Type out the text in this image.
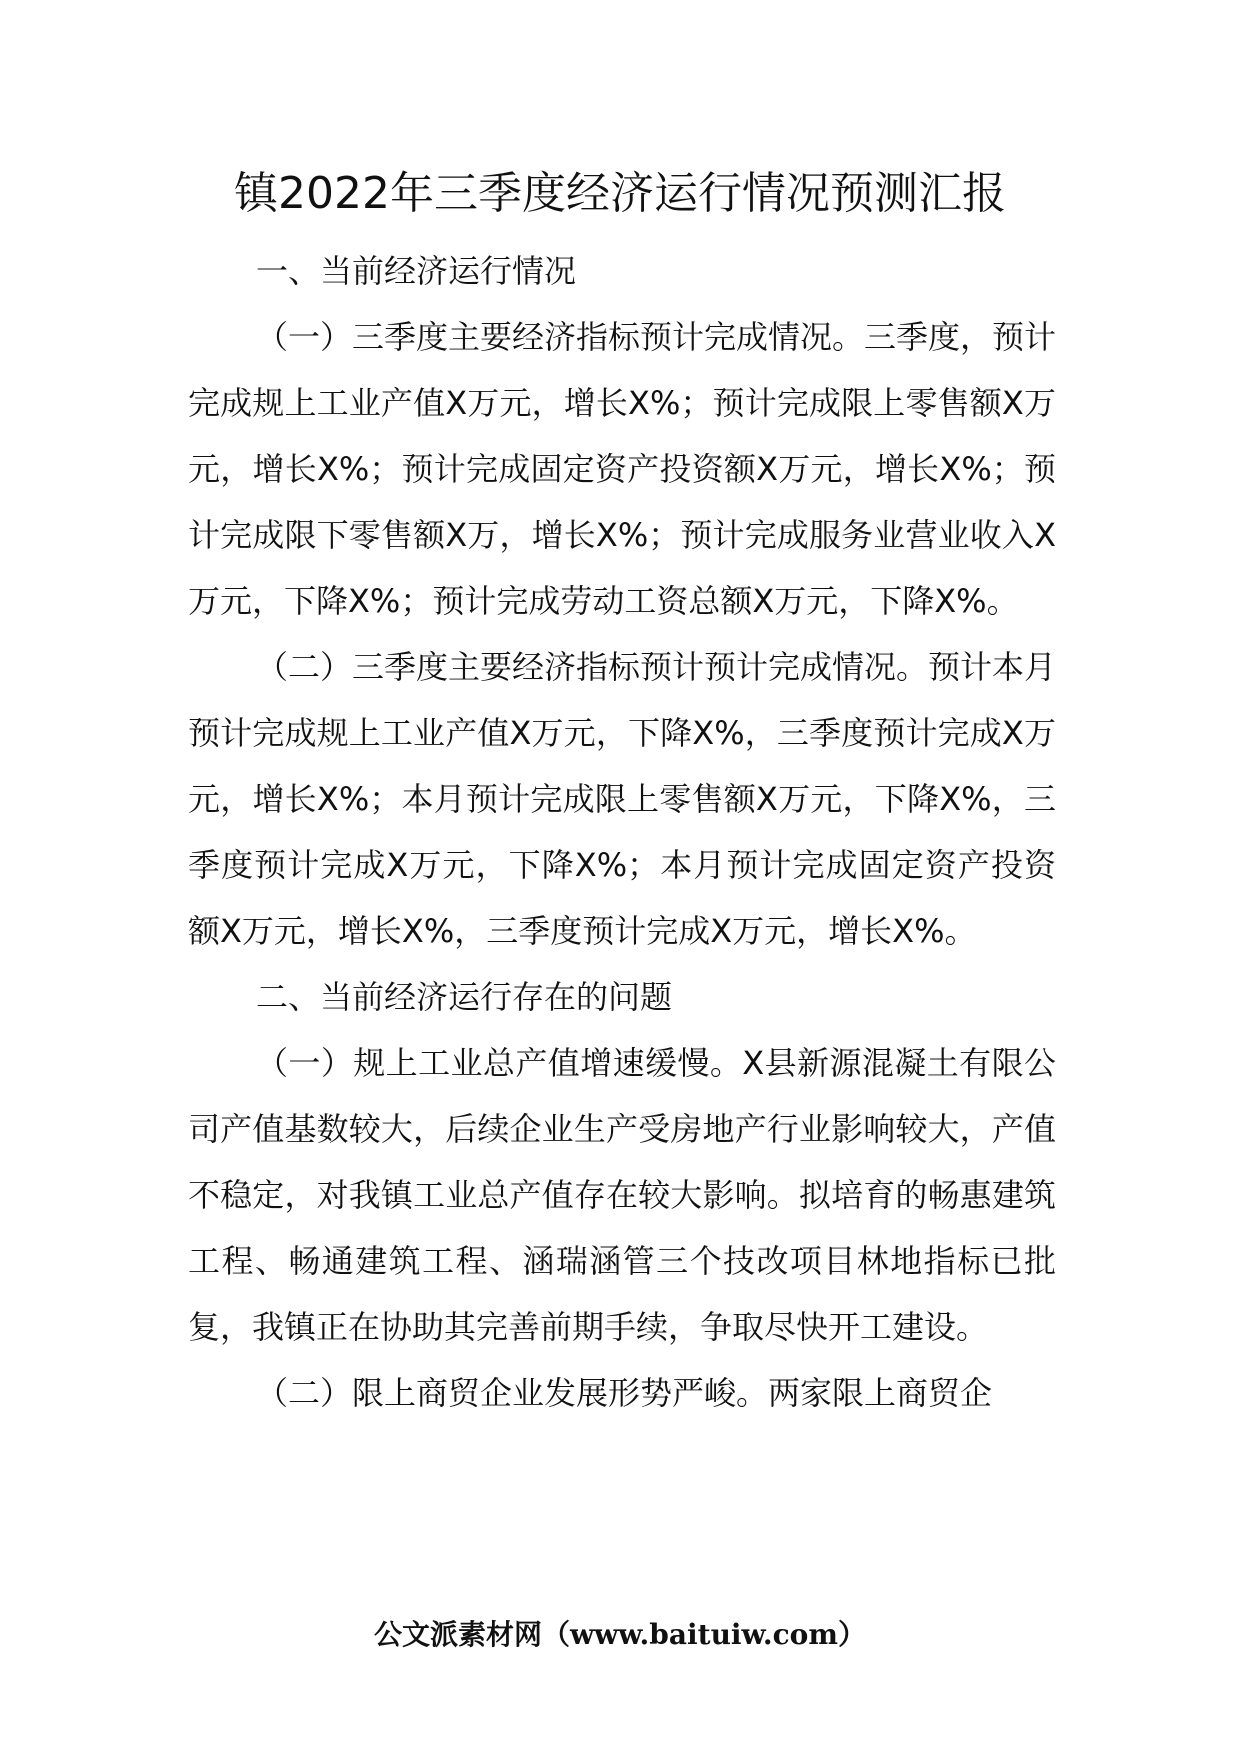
镇2022年三季度经济运行情况预测汇报

一、当前经济运行情况

（一）三季度主要经济指标预计完成情况。三季度，预计完成规上工业产值X万元，增长X%；预计完成限上零售额X万元，增长X%；预计完成固定资产投资额X万元，增长X%；预计完成限下零售额X万，增长X%；预计完成服务业营业收入X万元，下降X%；预计完成劳动工资总额X万元，下降X%。

（二）三季度主要经济指标预计预计完成情况。预计本月预计完成规上工业产值X万元，下降X%，三季度预计完成X万元，增长X%；本月预计完成限上零售额X万元，下降X%，三季度预计完成X万元，下降X%；本月预计完成固定资产投资额X万元，增长X%，三季度预计完成X万元，增长X%。

二、当前经济运行存在的问题

（一）规上工业总产值增速缓慢。X县新源混凝土有限公司产值基数较大，后续企业生产受房地产行业影响较大，产值不稳定，对我镇工业总产值存在较大影响。拟培育的畅惠建筑工程、畅通建筑工程、涵瑞涵管三个技改项目林地指标已批复，我镇正在协助其完善前期手续，争取尽快开工建设。

（二）限上商贸企业发展形势严峻。两家限上商贸企

公文派素材网（www.baituiw.com）
